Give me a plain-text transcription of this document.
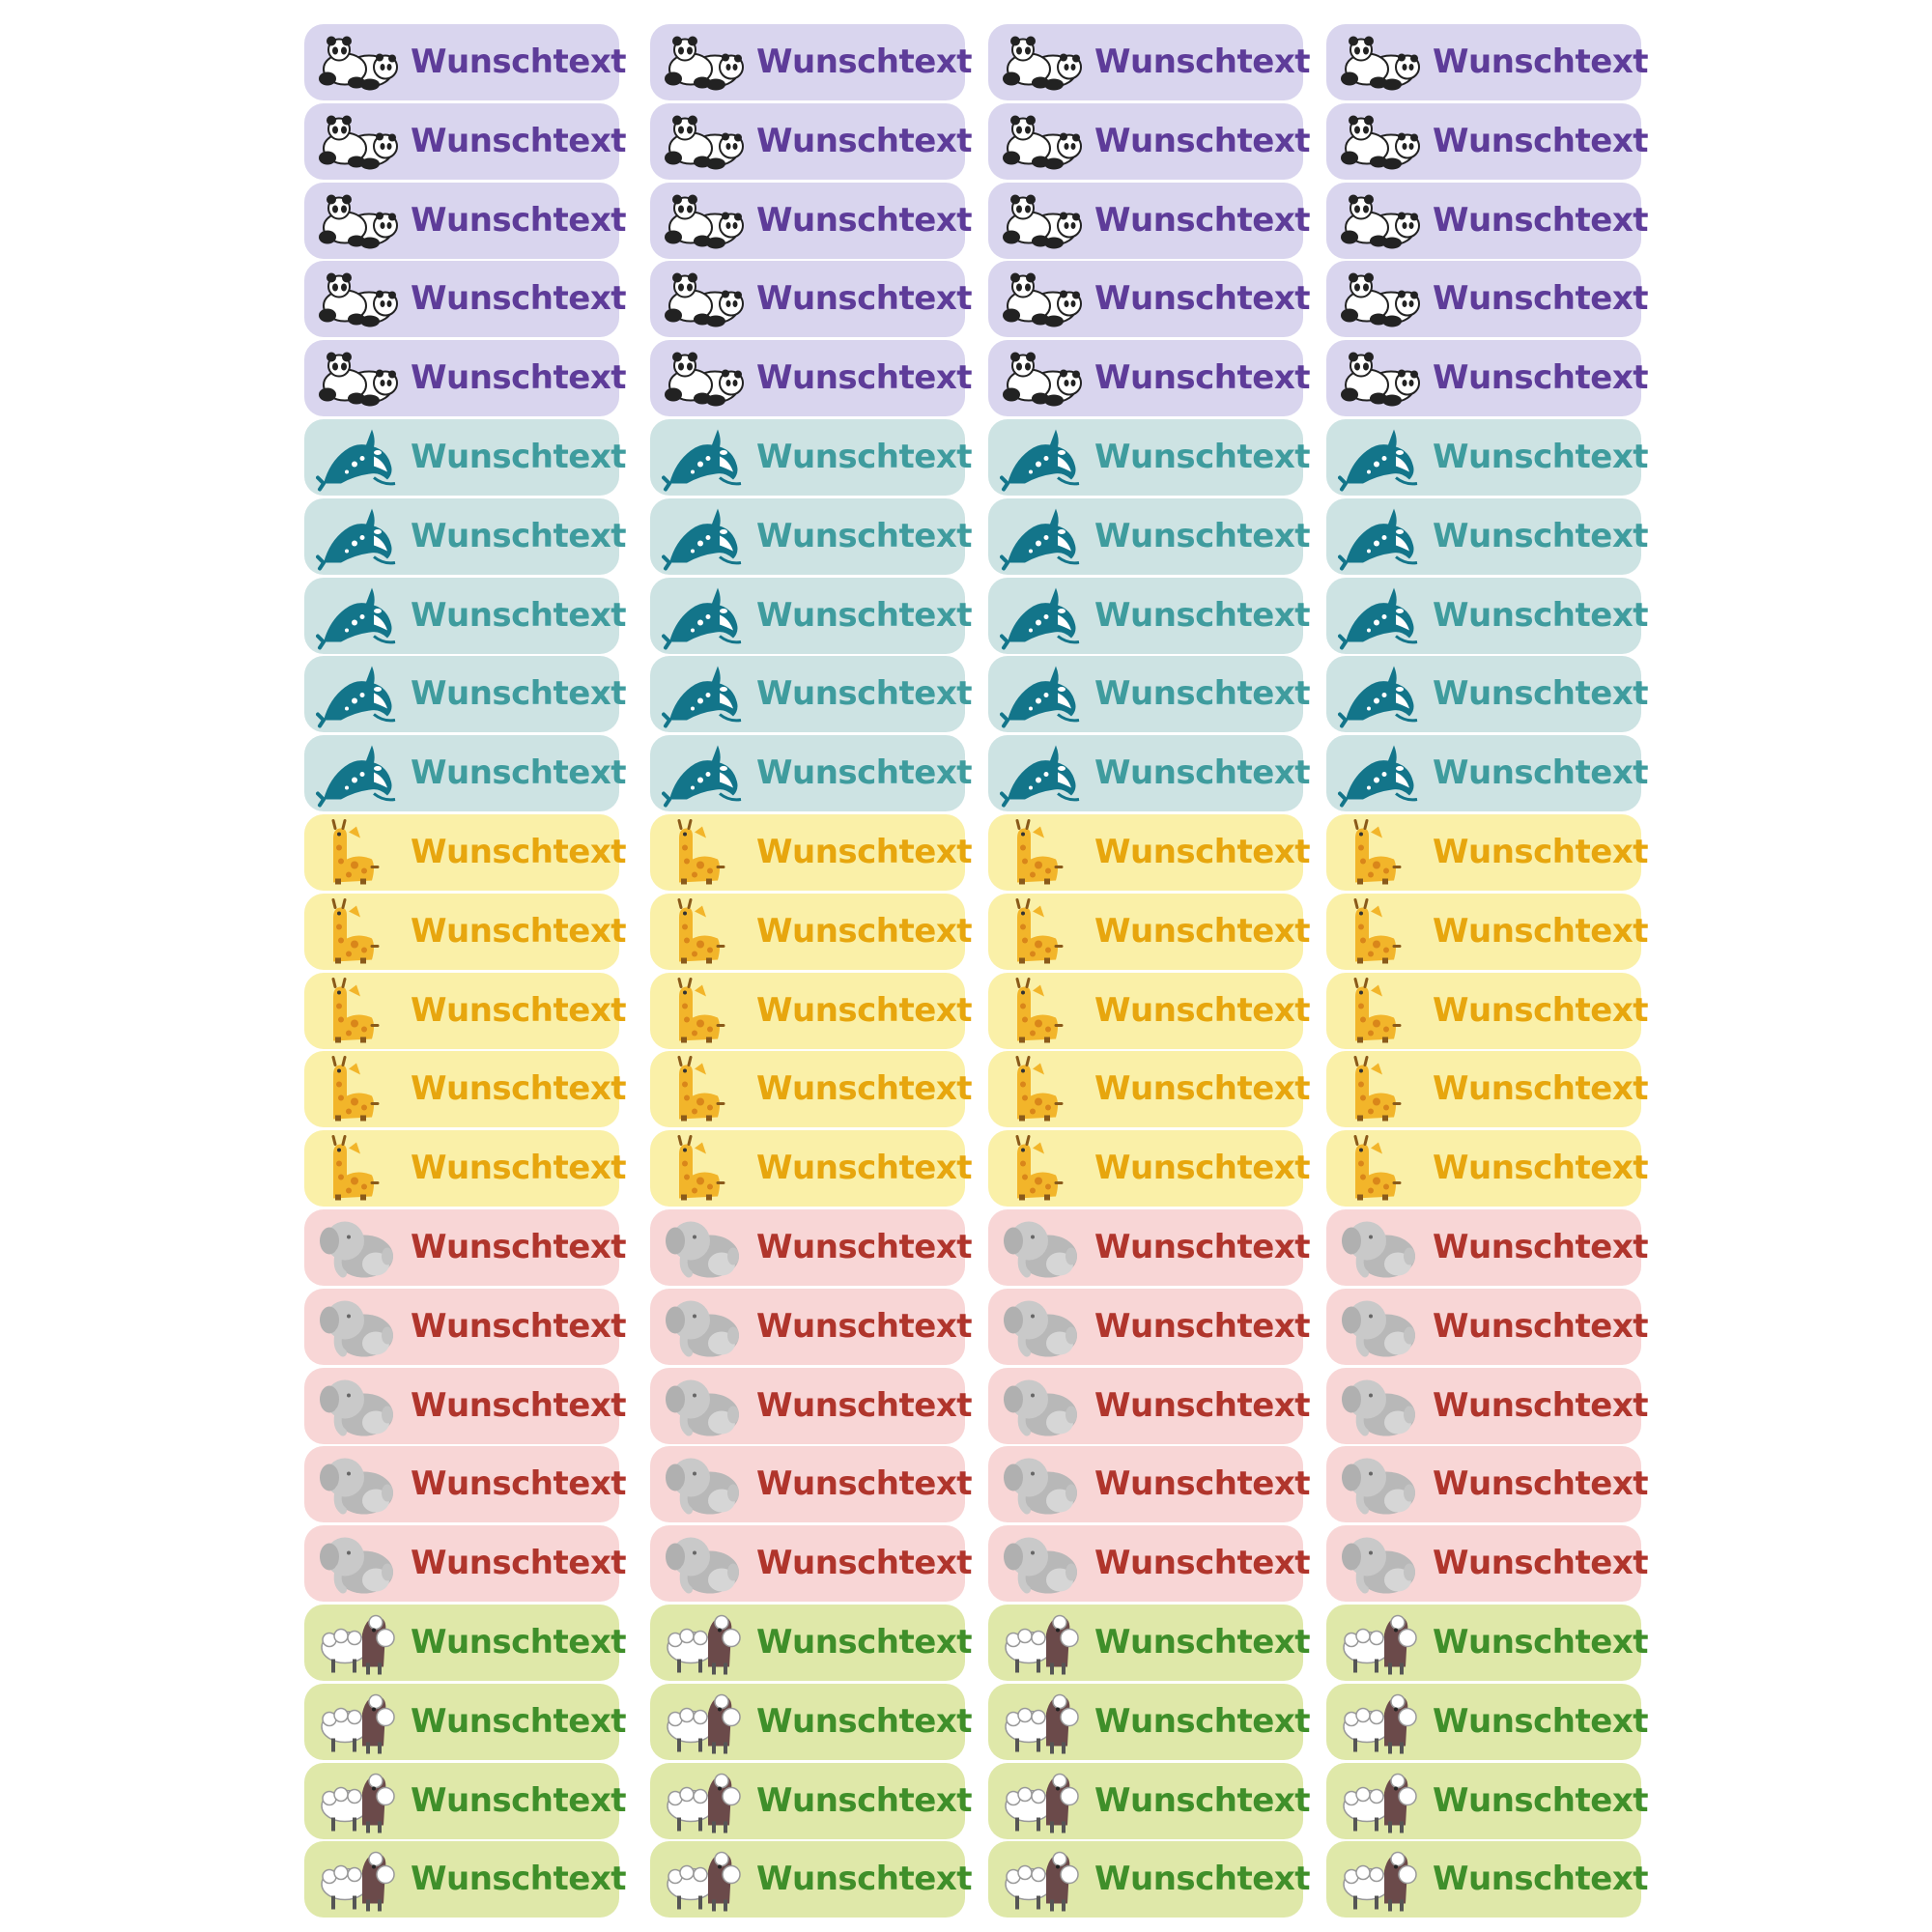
Wunschtext	Wunschtext	Wunschtext	Wunschtext
Wunschtext	Wunschtext	Wunschtext	Wunschtext
Wunschtext	Wunschtext	Wunschtext	Wunschtext
Wunschtext	Wunschtext	Wunschtext	Wunschtext
Wunschtext	Wunschtext	Wunschtext	Wunschtext
Wunschtext	Wunschtext	Wunschtext	Wunschtext
Wunschtext	Wunschtext	Wunschtext	Wunschtext
Wunschtext	Wunschtext	Wunschtext	Wunschtext
Wunschtext	Wunschtext	Wunschtext	Wunschtext
Wunschtext	Wunschtext	Wunschtext	Wunschtext
Wunschtext	Wunschtext	Wunschtext	Wunschtext
Wunschtext	Wunschtext	Wunschtext	Wunschtext
Wunschtext	Wunschtext	Wunschtext	Wunschtext
Wunschtext	Wunschtext	Wunschtext	Wunschtext
Wunschtext	Wunschtext	Wunschtext	Wunschtext
Wunschtext	Wunschtext	Wunschtext	Wunschtext
Wunschtext	Wunschtext	Wunschtext	Wunschtext
Wunschtext	Wunschtext	Wunschtext	Wunschtext
Wunschtext	Wunschtext	Wunschtext	Wunschtext
Wunschtext	Wunschtext	Wunschtext	Wunschtext
Wunschtext	Wunschtext	Wunschtext	Wunschtext
Wunschtext	Wunschtext	Wunschtext	Wunschtext
Wunschtext	Wunschtext	Wunschtext	Wunschtext
Wunschtext	Wunschtext	Wunschtext	Wunschtext
